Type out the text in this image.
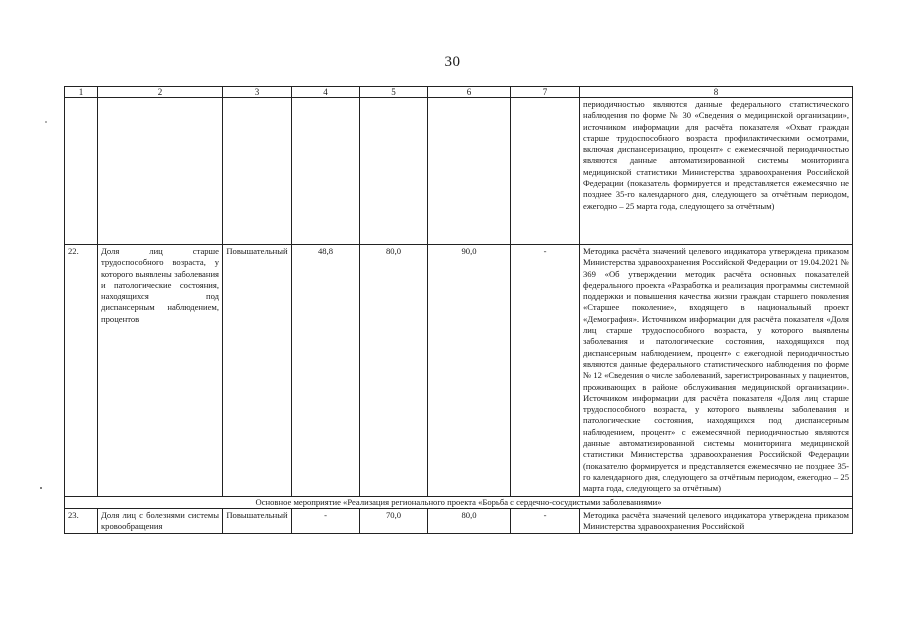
30
1	2	3	4	5	6	7	8
							периодичностью являются данные федерального статистического наблюдения по форме № 30 «Сведения о медицинской организации», источником информации для расчёта показателя «Охват граждан старше трудоспособного возраста профилактическими осмотрами, включая диспансеризацию, процент» с ежемесячной периодичностью являются данные автоматизированной системы мониторинга медицинской статистики Министерства здравоохранения Российской Федерации (показатель формируется и представляется ежемесячно не позднее 35-го календарного дня, следующего за отчётным периодом, ежегодно – 25 марта года, следующего за отчётным)
22.	Доля лиц старше трудоспособного возраста, у которого выявлены заболевания и патологические состояния, находящихся под диспансерным наблюдением, процентов	Повышательный	48,8	80,0	90,0	-	Методика расчёта значений целевого индикатора утверждена приказом Министерства здравоохранения Российской Федерации от 19.04.2021 № 369 «Об утверждении методик расчёта основных показателей федерального проекта «Разработка и реализация программы системной поддержки и повышения качества жизни граждан старшего поколения «Старшее поколение», входящего в национальный проект «Демография». Источником информации для расчёта показателя «Доля лиц старше трудоспособного возраста, у которого выявлены заболевания и патологические состояния, находящихся под диспансерным наблюдением, процент» с ежегодной периодичностью являются данные федерального статистического наблюдения по форме № 12 «Сведения о числе заболеваний, зарегистрированных у пациентов, проживающих в районе обслуживания медицинской организации». Источником информации для расчёта показателя «Доля лиц старше трудоспособного возраста, у которого выявлены заболевания и патологические состояния, находящихся под диспансерным наблюдением, процент» с ежемесячной периодичностью являются данные автоматизированной системы мониторинга медицинской статистики Министерства здравоохранения Российской Федерации (показателю формируется и представляется ежемесячно не позднее 35-го календарного дня, следующего за отчётным периодом, ежегодно – 25 марта года, следующего за отчётным)
Основное мероприятие «Реализация регионального проекта «Борьба с сердечно-сосудистыми заболеваниями»							
23.	Доля лиц с болезнями системы кровообращения	Повышательный	-	70,0	80,0	-	Методика расчёта значений целевого индикатора утверждена приказом Министерства здравоохранения Российской
